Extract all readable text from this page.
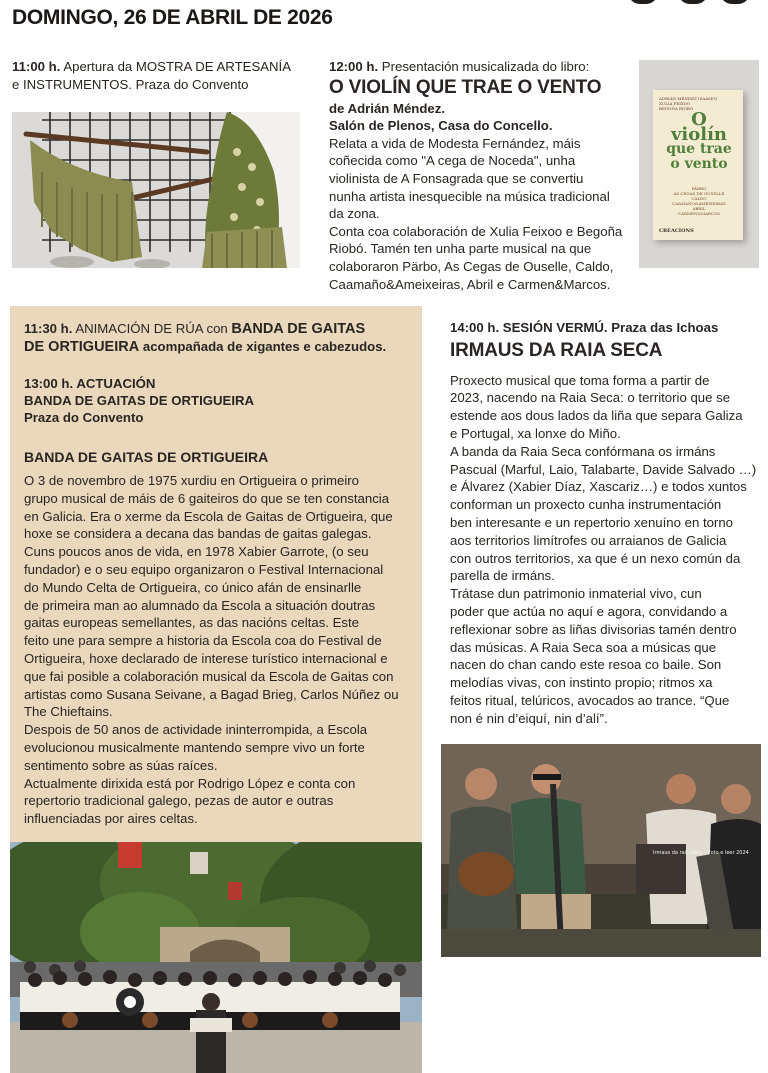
DOMINGO, 26 DE ABRIL DE 2026
11:00 h. Apertura da MOSTRA DE ARTESANÍA
e INSTRUMENTOS. Praza do Convento
12:00 h. Presentación musicalizada do libro:
O VIOLÍN QUE TRAE O VENTO
de Adrián Méndez.
Salón de Plenos, Casa do Concello.
Relata a vida de Modesta Fernández, máis
coñecida como "A cega de Noceda", unha
violinista de A Fonsagrada que se convertiu
nunha artista inesquecible na música tradicional
da zona.
Conta coa colaboración de Xulia Feixoo e Begoña
Riobó. Tamén ten unha parte musical na que
colaboraron Pärbo, As Cegas de Ouselle, Caldo,
Caamaño&Ameixeiras, Abril e Carmen&Marcos.
ADRIÁN MÉNDEZ (SAAMO)
XULIA FEIXOO
BEGOÑA RIOBÓ
O
violín
que trae
o vento
PÄRBO
AS CEGAS DE OUSELLE
CALDO
CAAMAÑO&AMEIXEIRAS
ABRIL
CARMEN&MARCOS
CREACIONS
11:30 h. ANIMACIÓN DE RÚA con BANDA DE GAITAS
DE ORTIGUEIRA acompañada de xigantes e cabezudos.
13:00 h. ACTUACIÓN
BANDA DE GAITAS DE ORTIGUEIRA
Praza do Convento
BANDA DE GAITAS DE ORTIGUEIRA
O 3 de novembro de 1975 xurdiu en Ortigueira o primeiro
grupo musical de máis de 6 gaiteiros do que se ten constancia
en Galicia. Era o xerme da Escola de Gaitas de Ortigueira, que
hoxe se considera a decana das bandas de gaitas galegas.
Cuns poucos anos de vida, en 1978 Xabier Garrote, (o seu
fundador) e o seu equipo organizaron o Festival Internacional
do Mundo Celta de Ortigueira, co único afán de ensinarlle
de primeira man ao alumnado da Escola a situación doutras
gaitas europeas semellantes, as das nacións celtas. Este
feito une para sempre a historia da Escola coa do Festival de
Ortigueira, hoxe declarado de interese turístico internacional e
que fai posible a colaboración musical da Escola de Gaitas con
artistas como Susana Seivane, a Bagad Brieg, Carlos Núñez ou
The Chieftains.
Despois de 50 anos de actividade ininterrompida, a Escola
evolucionou musicalmente mantendo sempre vivo un forte
sentimento sobre as súas raíces.
Actualmente dirixida está por Rodrigo López e conta con
repertorio tradicional galego, pezas de autor e outras
influenciadas por aires celtas.
14:00 h. SESIÓN VERMÚ. Praza das Ichoas
IRMAUS DA RAIA SECA
Proxecto musical que toma forma a partir de
2023, nacendo na Raia Seca: o territorio que se
estende aos dous lados da liña que separa Galiza
e Portugal, xa lonxe do Miño.
A banda da Raia Seca confórmana os irmáns
Pascual (Marful, Laio, Talabarte, Davide Salvado …)
e Álvarez (Xabier Díaz, Xascariz…) e todos xuntos
conforman un proxecto cunha instrumentación
ben interesante e un repertorio xenuíno en torno
aos territorios limítrofes ou arraianos de Galicia
con outros territorios, xa que é un nexo común da
parella de irmáns.
Trátase dun patrimonio inmaterial vivo, cun
poder que actúa no aquí e agora, convidando a
reflexionar sobre as liñas divisorias tamén dentro
das músicas. A Raia Seca soa a músicas que
nacen do chan cando este resoa co baile. Son
melodías vivas, con instinto propio; ritmos xa
feitos ritual, telúricos, avocados ao trance. “Que
non é nin d’eiquí, nin d’alí”.
Irmaus da raia seca – Foto e leer 2024
